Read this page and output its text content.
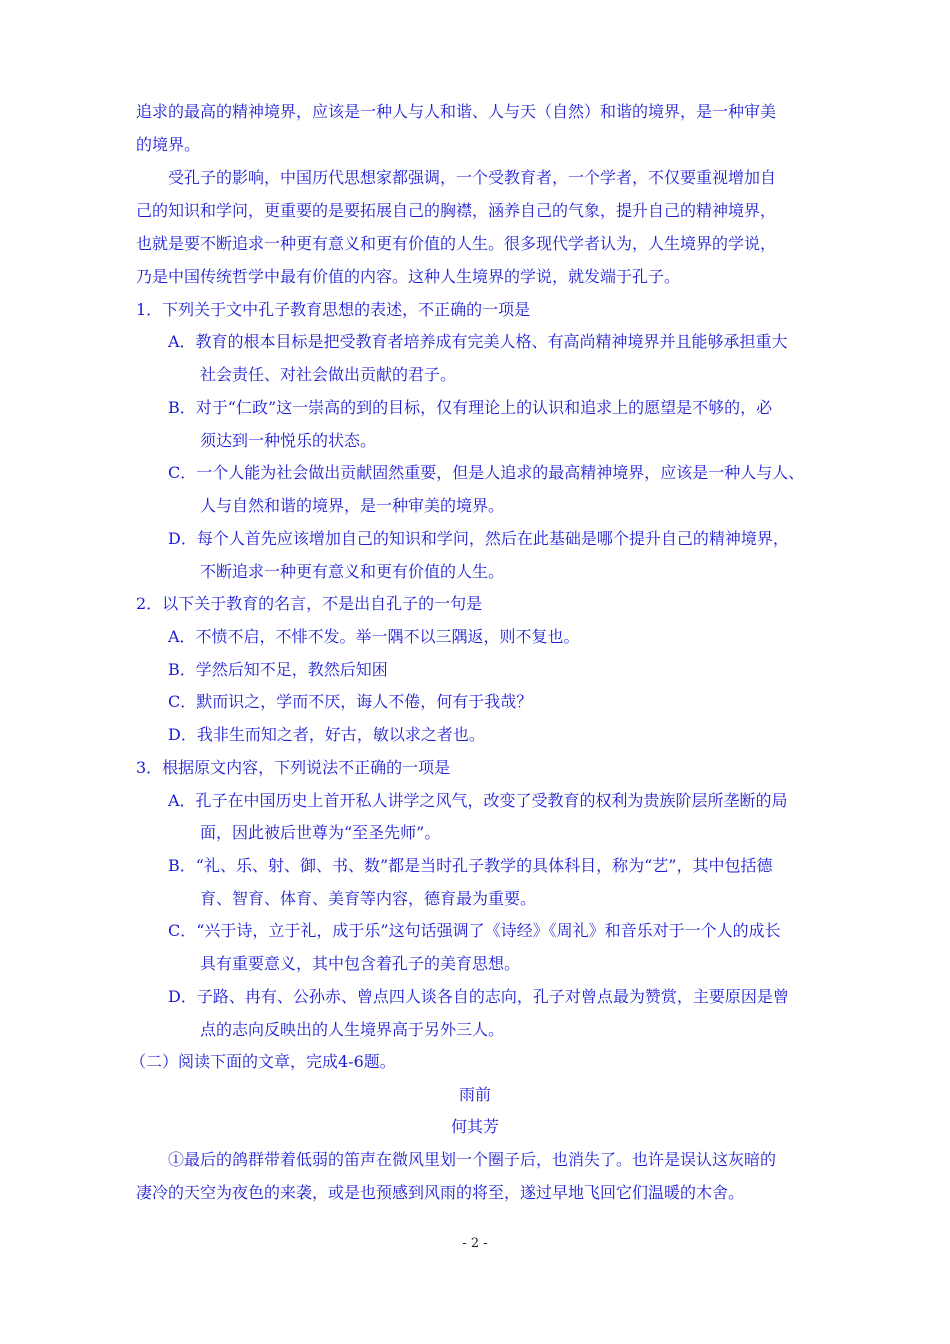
追求的最高的精神境界，应该是一种人与人和谐、人与天（自然）和谐的境界，是一种审美
的境界。
受孔子的影响，中国历代思想家都强调，一个受教育者，一个学者，不仅要重视增加自
己的知识和学问，更重要的是要拓展自己的胸襟，涵养自己的气象，提升自己的精神境界，
也就是要不断追求一种更有意义和更有价值的人生。很多现代学者认为，人生境界的学说，
乃是中国传统哲学中最有价值的内容。这种人生境界的学说，就发端于孔子。
1．下列关于文中孔子教育思想的表述，不正确的一项是
A．教育的根本目标是把受教育者培养成有完美人格、有高尚精神境界并且能够承担重大
社会责任、对社会做出贡献的君子。
B．对于“仁政”这一崇高的到的目标，仅有理论上的认识和追求上的愿望是不够的，必
须达到一种悦乐的状态。
C．一个人能为社会做出贡献固然重要，但是人追求的最高精神境界，应该是一种人与人、
人与自然和谐的境界，是一种审美的境界。
D．每个人首先应该增加自己的知识和学问，然后在此基础是哪个提升自己的精神境界，
不断追求一种更有意义和更有价值的人生。
2．以下关于教育的名言，不是出自孔子的一句是
A．不愤不启，不悱不发。举一隅不以三隅返，则不复也。
B．学然后知不足，教然后知困
C．默而识之，学而不厌，诲人不倦，何有于我哉？
D．我非生而知之者，好古，敏以求之者也。
3．根据原文内容，下列说法不正确的一项是
A．孔子在中国历史上首开私人讲学之风气，改变了受教育的权利为贵族阶层所垄断的局
面，因此被后世尊为“至圣先师”。
B．“礼、乐、射、御、书、数”都是当时孔子教学的具体科目，称为“艺”，其中包括德
育、智育、体育、美育等内容，德育最为重要。
C．“兴于诗，立于礼，成于乐”这句话强调了《诗经》《周礼》和音乐对于一个人的成长
具有重要意义，其中包含着孔子的美育思想。
D．子路、冉有、公孙赤、曾点四人谈各自的志向，孔子对曾点最为赞赏，主要原因是曾
点的志向反映出的人生境界高于另外三人。
（二）阅读下面的文章，完成4-6题。
雨前
何其芳
①最后的鸽群带着低弱的笛声在微风里划一个圈子后，也消失了。也许是误认这灰暗的
凄冷的天空为夜色的来袭，或是也预感到风雨的将至，遂过早地飞回它们温暖的木舍。
- 2 -
